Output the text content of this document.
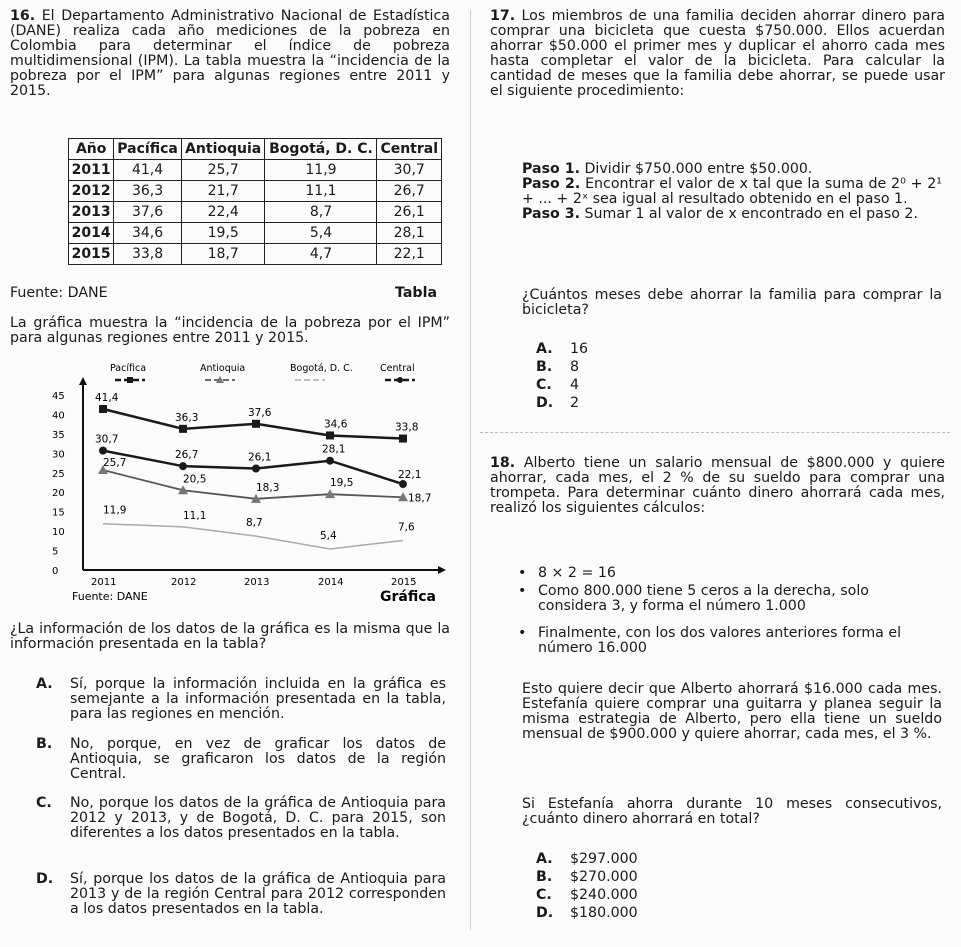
16. El Departamento Administrativo Nacional de Estadística (DANE) realiza cada año mediciones de la pobreza en Colombia para determinar el índice de pobreza multidimensional (IPM). La tabla muestra la “incidencia de la pobreza por el IPM” para algunas regiones entre 2011 y 2015.
Año	Pacífica	Antioquia	Bogotá, D. C.	Central
2011	41,4	25,7	11,9	30,7
2012	36,3	21,7	11,1	26,7
2013	37,6	22,4	8,7	26,1
2014	34,6	19,5	5,4	28,1
2015	33,8	18,7	4,7	22,1
Fuente: DANE	Tabla
La gráfica muestra la “incidencia de la pobreza por el IPM” para algunas regiones entre 2011 y 2015.
0
5
10
15
20
25
30
35
40
45
2011	2012	2013	2014	2015
41,4
36,3	37,6
34,6	33,8
Pacífica
25,7
20,5
18,3	19,5
18,7
Antioquia
11,9	11,1
8,7
5,4
7,6
Bogotá, D. C.
30,7
26,7	26,1
28,1
22,1
Central
Fuente: DANE	Gráfica
¿La información de los datos de la gráfica es la misma que la información presentada en la tabla?
A.	Sí, porque la información incluida en la gráfica es semejante a la información presentada en la tabla, para las regiones en mención.
B.	No, porque, en vez de graficar los datos de Antioquia, se graficaron los datos de la región Central.
C.	No, porque los datos de la gráfica de Antioquia para 2012 y 2013, y de Bogotá, D. C. para 2015, son diferentes a los datos presentados en la tabla.
D.	Sí, porque los datos de la gráfica de Antioquia para 2013 y de la región Central para 2012 corresponden a los datos presentados en la tabla.
17. Los miembros de una familia deciden ahorrar dinero para comprar una bicicleta que cuesta $750.000. Ellos acuerdan ahorrar $50.000 el primer mes y duplicar el ahorro cada mes hasta completar el valor de la bicicleta. Para calcular la cantidad de meses que la familia debe ahorrar, se puede usar el siguiente procedimiento:
Paso 1. Dividir $750.000 entre $50.000.
Paso 2. Encontrar el valor de x tal que la suma de 2⁰ + 2¹ + ... + 2ˣ sea igual al resultado obtenido en el paso 1.
Paso 3. Sumar 1 al valor de x encontrado en el paso 2.
¿Cuántos meses debe ahorrar la familia para comprar la bicicleta?
A.	16
B.	8
C.	4
D.	2
18. Alberto tiene un salario mensual de $800.000 y quiere ahorrar, cada mes, el 2 % de su sueldo para comprar una trompeta. Para determinar cuánto dinero ahorrará cada mes, realizó los siguientes cálculos:
• 8 × 2 = 16
• Como 800.000 tiene 5 ceros a la derecha, solo considera 3, y forma el número 1.000
• Finalmente, con los dos valores anteriores forma el número 16.000
Esto quiere decir que Alberto ahorrará $16.000 cada mes. Estefanía quiere comprar una guitarra y planea seguir la misma estrategia de Alberto, pero ella tiene un sueldo mensual de $900.000 y quiere ahorrar, cada mes, el 3 %.
Si Estefanía ahorra durante 10 meses consecutivos, ¿cuánto dinero ahorrará en total?
A.	$297.000
B.	$270.000
C.	$240.000
D.	$180.000
